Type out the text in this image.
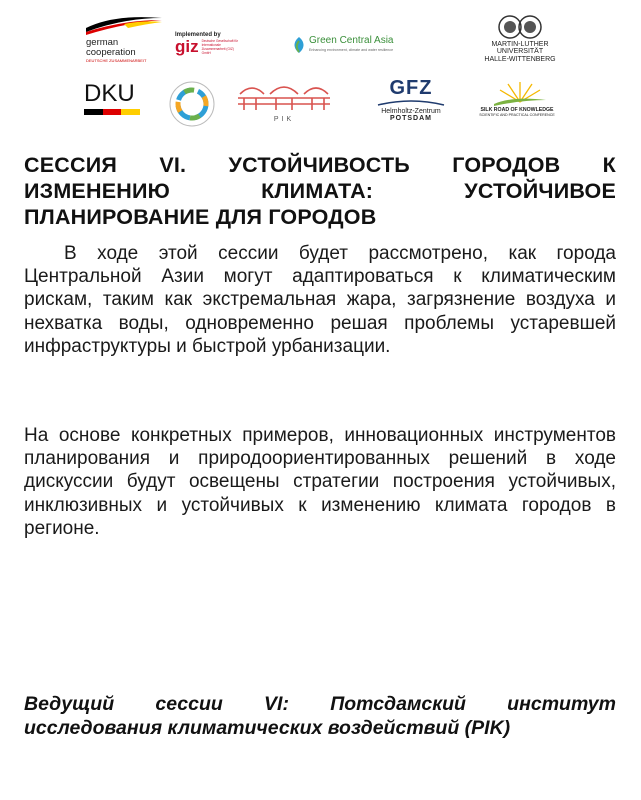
german
cooperation
DEUTSCHE ZUSAMMENARBEIT
Implemented by
giz Deutsche Gesellschaft für Internationale Zusammenarbeit (GIZ) GmbH
Green Central Asia
Enhancing environment, climate and water resilience
MARTIN-LUTHER
UNIVERSITÄT
HALLE-WITTENBERG
DKU
PIK
GFZ
Helmholtz-Zentrum
POTSDAM
SILK ROAD OF KNOWLEDGE
SCIENTIFIC AND PRACTICAL CONFERENCE
СЕССИЯ VI. УСТОЙЧИВОСТЬ ГОРОДОВ К ИЗМЕНЕНИЮ КЛИМАТА: УСТОЙЧИВОЕ ПЛАНИРОВАНИЕ ДЛЯ ГОРОДОВ
В ходе этой сессии будет рассмотрено, как города Центральной Азии могут адаптироваться к климатическим рискам, таким как экстремальная жара, загрязнение воздуха и нехватка воды, одновременно решая проблемы устаревшей инфраструктуры и быстрой урбанизации.
На основе конкретных примеров, инновационных инструментов планирования и природоориентированных решений в ходе дискуссии будут освещены стратегии построения устойчивых, инклюзивных и устойчивых к изменению климата городов в регионе.
Ведущий сессии VI: Потсдамский институт исследования климатических воздействий (PIK)
